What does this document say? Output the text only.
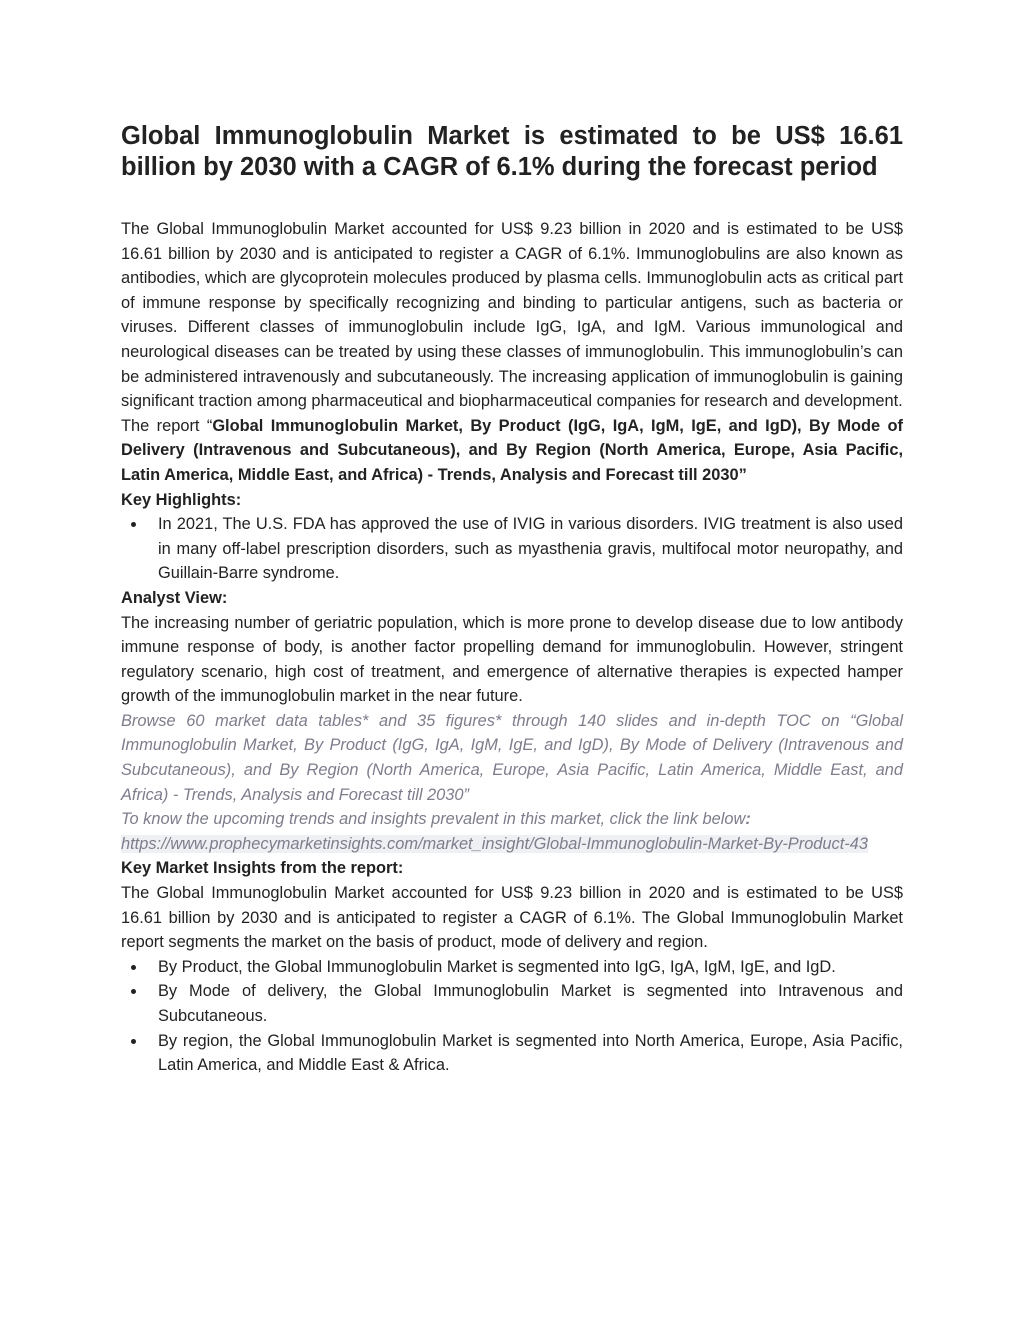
Global Immunoglobulin Market is estimated to be US$ 16.61 billion by 2030 with a CAGR of 6.1% during the forecast period

The Global Immunoglobulin Market accounted for US$ 9.23 billion in 2020 and is estimated to be US$ 16.61 billion by 2030 and is anticipated to register a CAGR of 6.1%. Immunoglobulins are also known as antibodies, which are glycoprotein molecules produced by plasma cells. Immunoglobulin acts as critical part of immune response by specifically recognizing and binding to particular antigens, such as bacteria or viruses. Different classes of immunoglobulin include IgG, IgA, and IgM. Various immunological and neurological diseases can be treated by using these classes of immunoglobulin. This immunoglobulin’s can be administered intravenously and subcutaneously. The increasing application of immunoglobulin is gaining significant traction among pharmaceutical and biopharmaceutical companies for research and development.

The report “Global Immunoglobulin Market, By Product (IgG, IgA, IgM, IgE, and IgD), By Mode of Delivery (Intravenous and Subcutaneous), and By Region (North America, Europe, Asia Pacific, Latin America, Middle East, and Africa) - Trends, Analysis and Forecast till 2030”

Key Highlights:

In 2021, The U.S. FDA has approved the use of IVIG in various disorders. IVIG treatment is also used in many off-label prescription disorders, such as myasthenia gravis, multifocal motor neuropathy, and Guillain-Barre syndrome.

Analyst View:

The increasing number of geriatric population, which is more prone to develop disease due to low antibody immune response of body, is another factor propelling demand for immunoglobulin. However, stringent regulatory scenario, high cost of treatment, and emergence of alternative therapies is expected hamper growth of the immunoglobulin market in the near future.

Browse 60 market data tables* and 35 figures* through 140 slides and in-depth TOC on “Global Immunoglobulin Market, By Product (IgG, IgA, IgM, IgE, and IgD), By Mode of Delivery (Intravenous and Subcutaneous), and By Region (North America, Europe, Asia Pacific, Latin America, Middle East, and Africa) - Trends, Analysis and Forecast till 2030”

To know the upcoming trends and insights prevalent in this market, click the link below:

https://www.prophecymarketinsights.com/market_insight/Global-Immunoglobulin-Market-By-Product-43

Key Market Insights from the report:

The Global Immunoglobulin Market accounted for US$ 9.23 billion in 2020 and is estimated to be US$ 16.61 billion by 2030 and is anticipated to register a CAGR of 6.1%. The Global Immunoglobulin Market report segments the market on the basis of product, mode of delivery and region.

By Product, the Global Immunoglobulin Market is segmented into IgG, IgA, IgM, IgE, and IgD.
By Mode of delivery, the Global Immunoglobulin Market is segmented into Intravenous and Subcutaneous.
By region, the Global Immunoglobulin Market is segmented into North America, Europe, Asia Pacific, Latin America, and Middle East & Africa.
